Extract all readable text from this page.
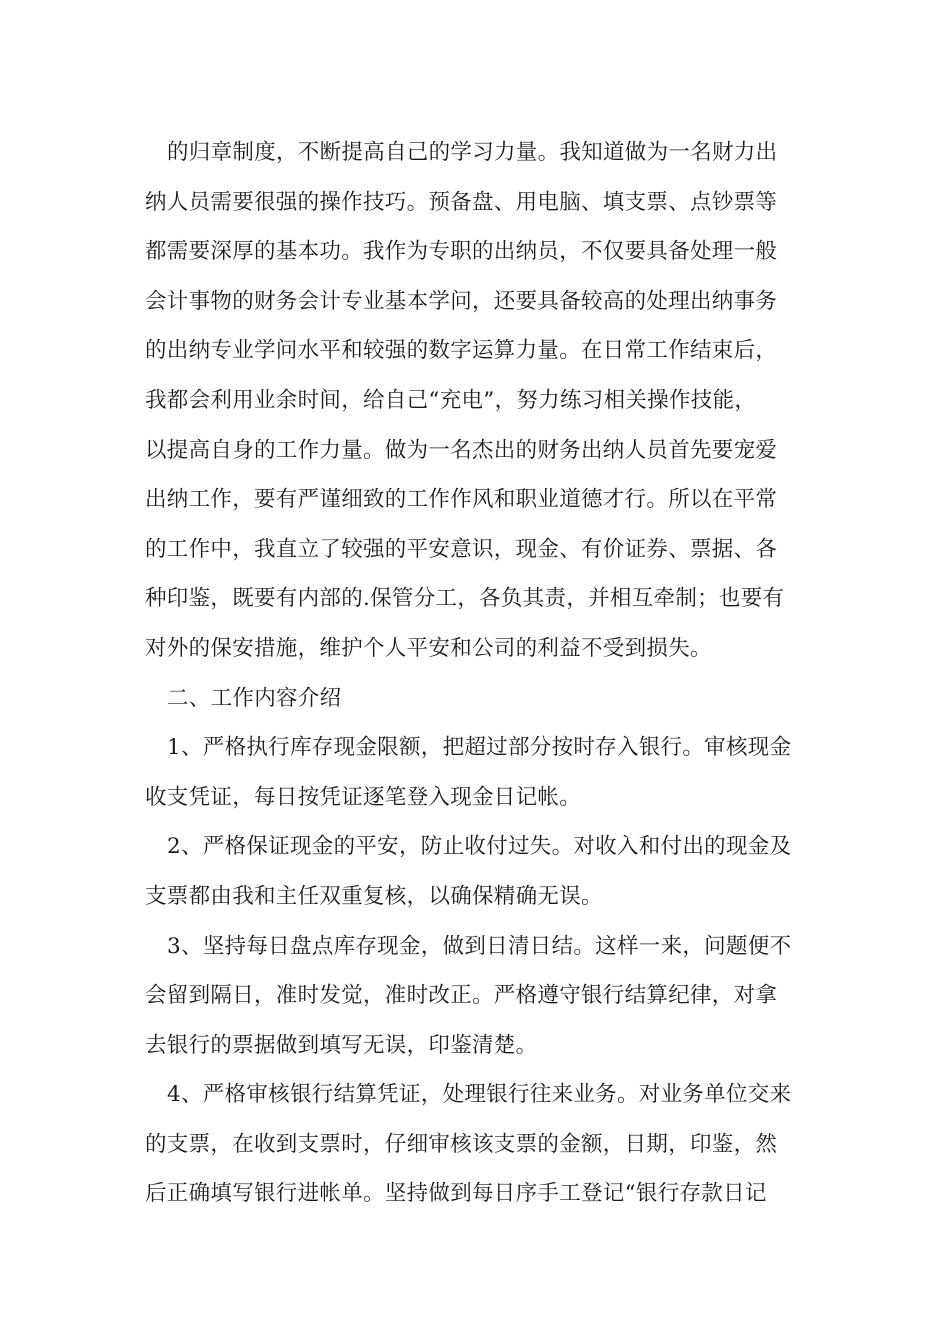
的归章制度，不断提高自己的学习力量。我知道做为一名财力出
纳人员需要很强的操作技巧。预备盘、用电脑、填支票、点钞票等
都需要深厚的基本功。我作为专职的出纳员，不仅要具备处理一般
会计事物的财务会计专业基本学问，还要具备较高的处理出纳事务
的出纳专业学问水平和较强的数字运算力量。在日常工作结束后，
我都会利用业余时间，给自己“充电”，努力练习相关操作技能，
以提高自身的工作力量。做为一名杰出的财务出纳人员首先要宠爱
出纳工作，要有严谨细致的工作作风和职业道德才行。所以在平常
的工作中，我直立了较强的平安意识，现金、有价证券、票据、各
种印鉴，既要有内部的.保管分工，各负其责，并相互牵制；也要有
对外的保安措施，维护个人平安和公司的利益不受到损失。
二、工作内容介绍
1、严格执行库存现金限额，把超过部分按时存入银行。审核现金
收支凭证，每日按凭证逐笔登入现金日记帐。
2、严格保证现金的平安，防止收付过失。对收入和付出的现金及
支票都由我和主任双重复核，以确保精确无误。
3、坚持每日盘点库存现金，做到日清日结。这样一来，问题便不
会留到隔日，准时发觉，准时改正。严格遵守银行结算纪律，对拿
去银行的票据做到填写无误，印鉴清楚。
4、严格审核银行结算凭证，处理银行往来业务。对业务单位交来
的支票，在收到支票时，仔细审核该支票的金额，日期，印鉴，然
后正确填写银行进帐单。坚持做到每日序手工登记“银行存款日记
